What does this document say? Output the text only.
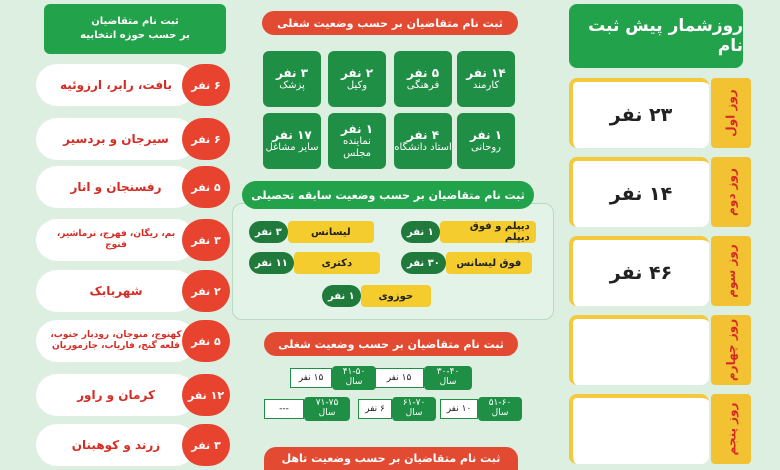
روزشمار پیش ثبت نام
۲۳ نفر	روز اول
۱۴ نفر	روز دوم
۴۶ نفر	روز سوم
روز چهارم
روز پنجم
ثبت نام متقاضیان بر حسب وضعیت شغلی
۱۴ نفر
کارمند
۵ نفر
فرهنگی
۲ نفر
وکیل
۳ نفر
پزشک
۱ نفر
روحانی
۴ نفر
استاد دانشگاه
۱ نفر
نماینده مجلس
۱۷ نفر
سایر مشاغل
ثبت نام متقاضیان بر حسب وضعیت سابقه تحصیلی
دیپلم و فوق دیپلم
۱ نفر
لیسانس
۳ نفر
فوق لیسانس
۳۰ نفر
دکتری
۱۱ نفر
حوزوی
۱ نفر
ثبت نام متقاضیان بر حسب وضعیت شغلی
۳۰-۴۰
سال
۱۵ نفر
۴۱-۵۰
سال
۱۵ نفر
۵۱-۶۰
سال
۱۰ نفر
۶۱-۷۰
سال
۶ نفر
۷۱-۷۵
سال
---
ثبت نام متقاضیان بر حسب وضعیت تاهل
ثبت نام متقاضیان
بر حسب حوزه انتخابیه
بافت، رابر، ارزوئیه	۶ نفر
سیرجان و بردسیر	۶ نفر
رفسنجان و انار	۵ نفر
بم، ریگان، فهرج، نرماشیر، فنوج	۳ نفر
شهربابک	۲ نفر
کهنوج، منوجان، رودبار جنوب، قلعه گنج، فاریاب، جازموریان	۵ نفر
کرمان و راور	۱۲ نفر
زرند و کوهبنان	۳ نفر
